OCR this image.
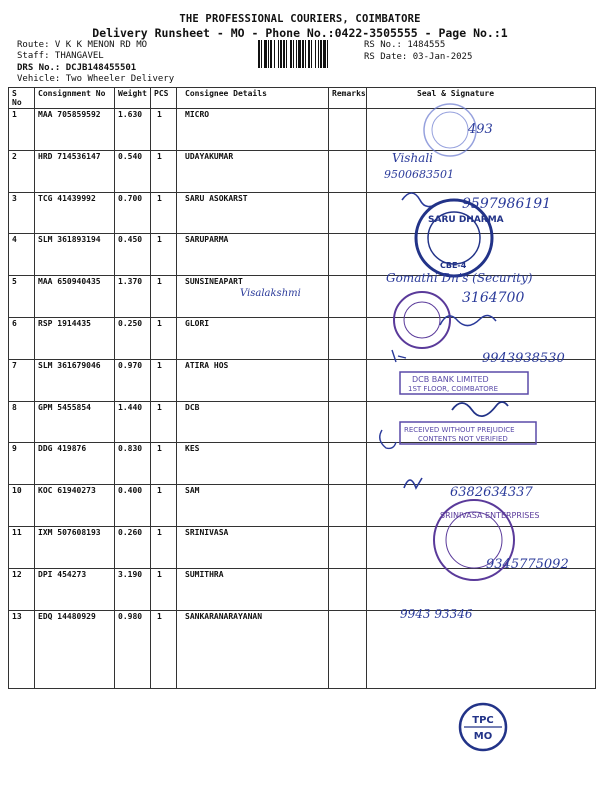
THE PROFESSIONAL COURIERS, COIMBATORE
Delivery Runsheet - MO - Phone No.:0422-3505555 - Page No.:1
Route: V K K MENON RD MO
Staff: THANGAVEL
DRS No.: DCJB148455501
Vehicle: Two Wheeler Delivery
RS No.: 1484555
RS Date: 03-Jan-2025
S No	Consignment No	Weight	PCS	Consignee Details	Remarks	Seal & Signature
1	MAA 705859592	1.630	1	MICRO		
2	HRD 714536147	0.540	1	UDAYAKUMAR		
3	TCG 41439992	0.700	1	SARU ASOKARST		
4	SLM 361893194	0.450	1	SARUPARMA		
5	MAA 650940435	1.370	1	SUNSINEAPART		
6	RSP 1914435	0.250	1	GLORI		
7	SLM 361679046	0.970	1	ATIRA HOS		
8	GPM 5455854	1.440	1	DCB		
9	DDG 419876	0.830	1	KES		
10	KOC 61940273	0.400	1	SAM		
11	IXM 507608193	0.260	1	SRINIVASA		
12	DPI 454273	3.190	1	SUMITHRA		
13	EDQ 14480929	0.980	1	SANKARANARAYANAN		
493
Vishali
9500683501
9597986191
SARU DHARMA
CBE-4
Visalakshmi
Gomathi Dn's (Security)
3164700
9943938530
DCB BANK LIMITED
1ST FLOOR, COIMBATORE
RECEIVED WITHOUT PREJUDICE
CONTENTS NOT VERIFIED
6382634337
SRINIVASA ENTERPRISES
9345775092
9943 93346
TPC
MO
